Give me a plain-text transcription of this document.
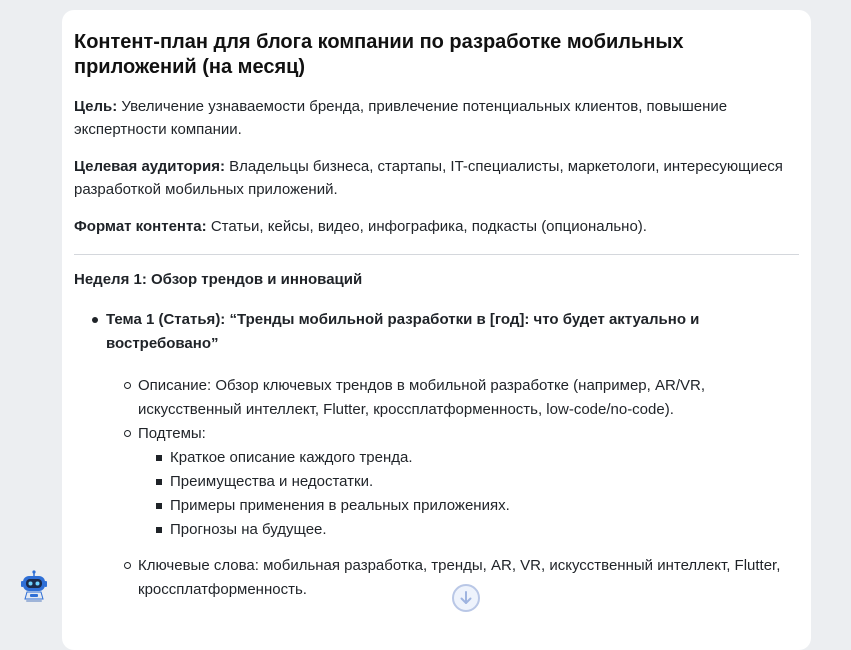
Контент-план для блога компании по разработке мобильных приложений (на месяц)

Цель: Увеличение узнаваемости бренда, привлечение потенциальных клиентов, повышение экспертности компании.

Целевая аудитория: Владельцы бизнеса, стартапы, IT-специалисты, маркетологи, интересующиеся разработкой мобильных приложений.

Формат контента: Статьи, кейсы, видео, инфографика, подкасты (опционально).

Неделя 1: Обзор трендов и инноваций
Тема 1 (Статья): “Тренды мобильной разработки в [год]: что будет актуально и востребовано”
Описание: Обзор ключевых трендов в мобильной разработке (например, AR/VR, искусственный интеллект, Flutter, кроссплатформенность, low-code/no-code).
Подтемы:
Краткое описание каждого тренда.
Преимущества и недостатки.
Примеры применения в реальных приложениях.
Прогнозы на будущее.
Ключевые слова: мобильная разработка, тренды, AR, VR, искусственный интеллект, Flutter, кроссплатформенность.
